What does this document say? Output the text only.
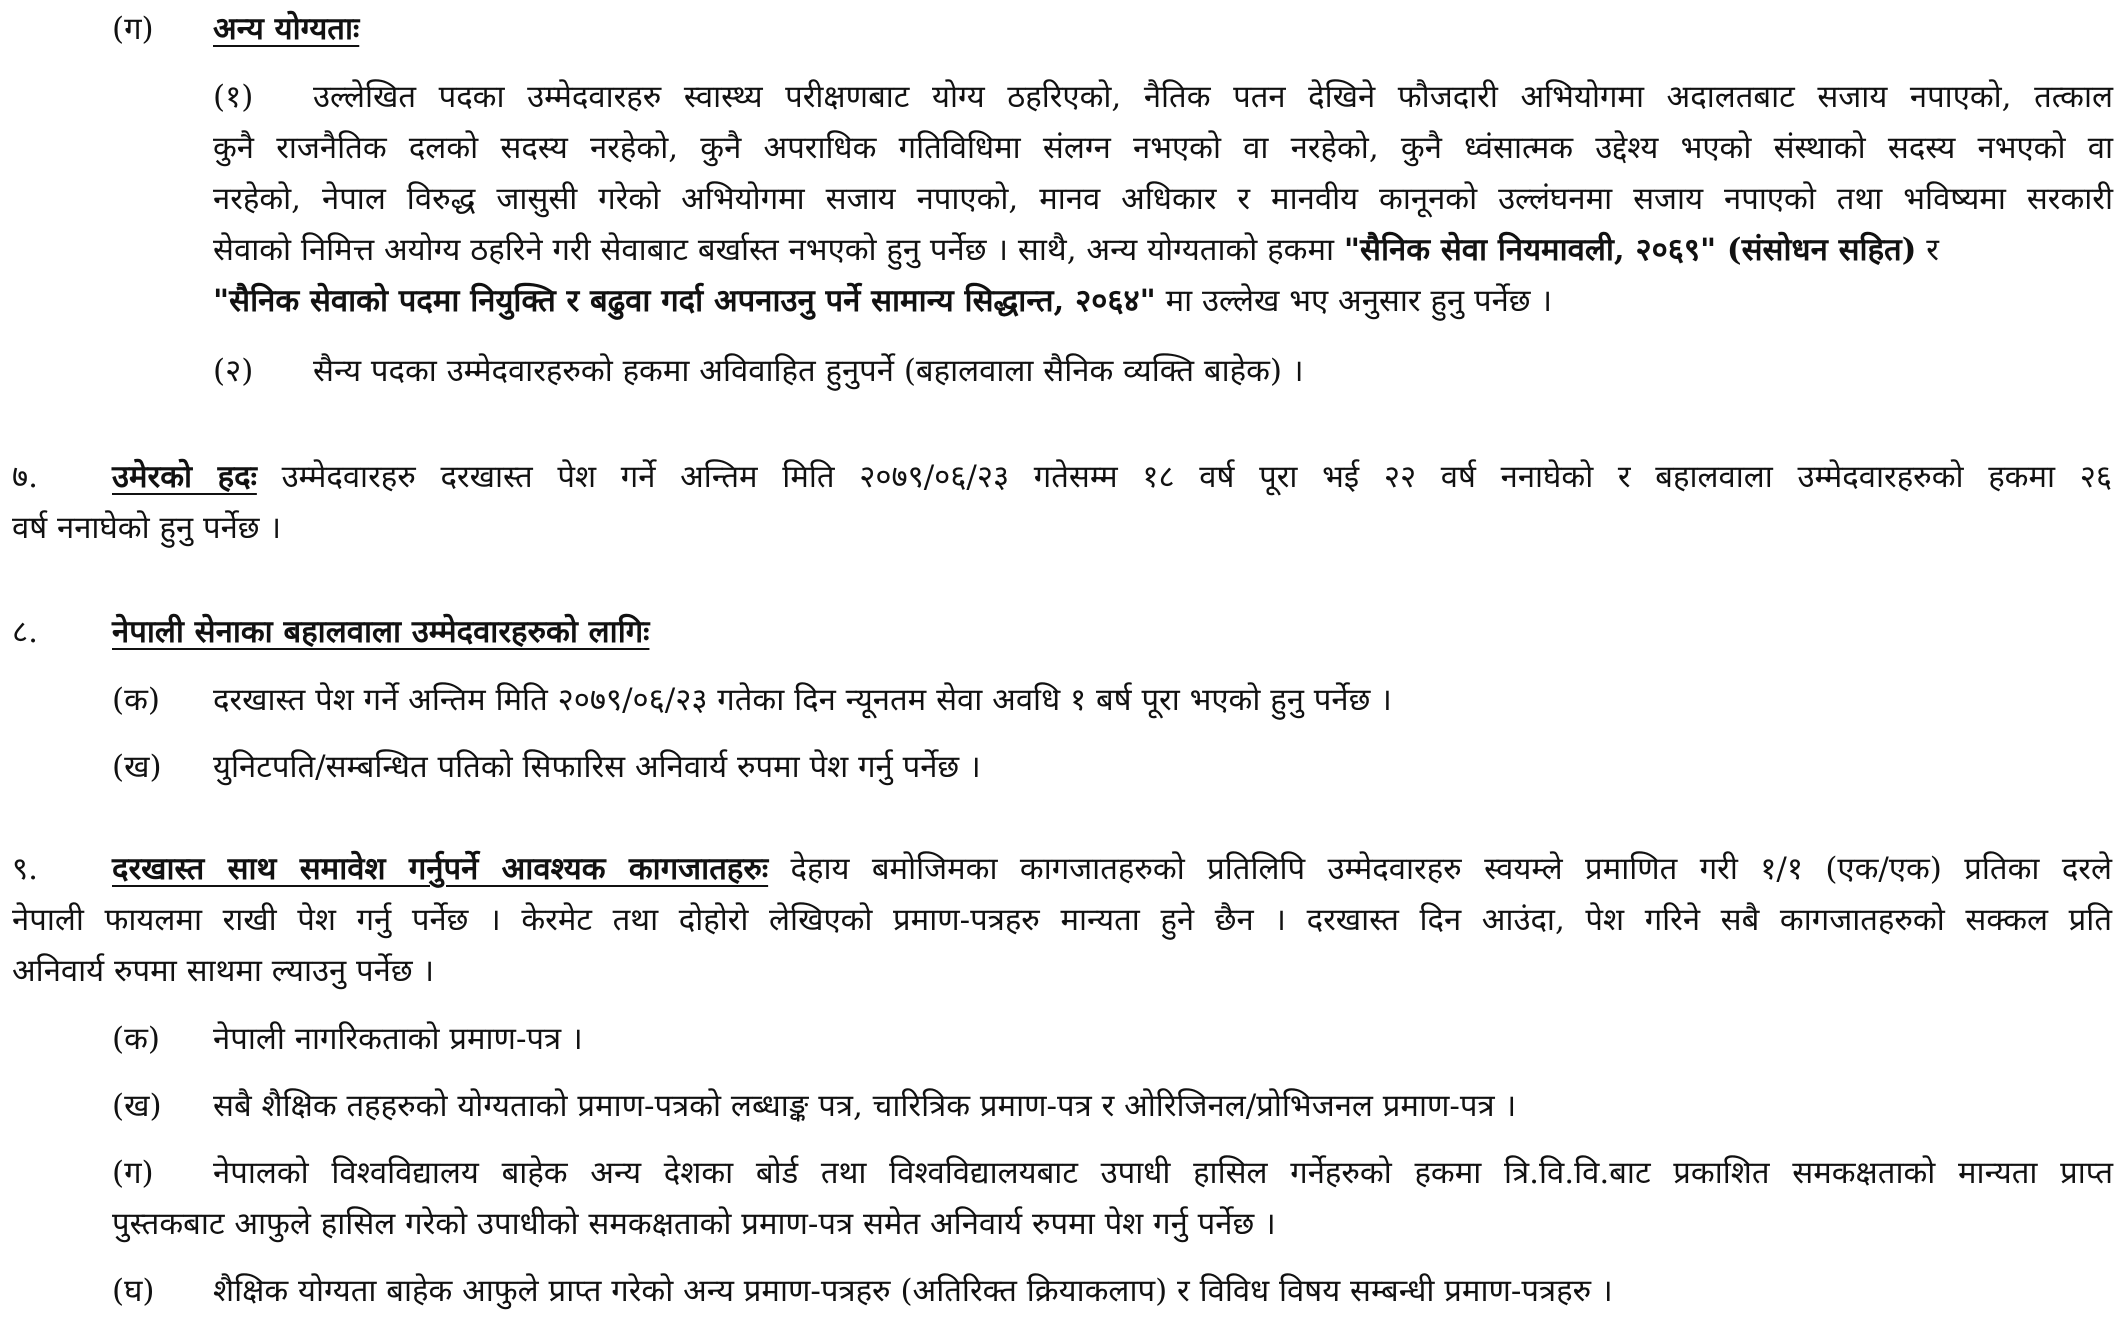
(ग) अन्य योग्यताः
(१) उल्लेखित पदका उम्मेदवारहरु स्वास्थ्य परीक्षणबाट योग्य ठहरिएको, नैतिक पतन देखिने फौजदारी अभियोगमा अदालतबाट सजाय नपाएको, तत्काल
कुनै राजनैतिक दलको सदस्य नरहेको, कुनै अपराधिक गतिविधिमा संलग्न नभएको वा नरहेको, कुनै ध्वंसात्मक उद्देश्य भएको संस्थाको सदस्य नभएको वा
नरहेको, नेपाल विरुद्ध जासुसी गरेको अभियोगमा सजाय नपाएको, मानव अधिकार र मानवीय कानूनको उल्लंघनमा सजाय नपाएको तथा भविष्यमा सरकारी
सेवाको निमित्त अयोग्य ठहरिने गरी सेवाबाट बर्खास्त नभएको हुनु पर्नेछ । साथै, अन्य योग्यताको हकमा "सैनिक सेवा नियमावली, २०६९" (संसोधन सहित) र
"सैनिक सेवाको पदमा नियुक्ति र बढुवा गर्दा अपनाउनु पर्ने सामान्य सिद्धान्त, २०६४" मा उल्लेख भए अनुसार हुनु पर्नेछ ।
(२) सैन्य पदका उम्मेदवारहरुको हकमा अविवाहित हुनुपर्ने (बहालवाला सैनिक व्यक्ति बाहेक) ।
७. उमेरको हदः उम्मेदवारहरु दरखास्त पेश गर्ने अन्तिम मिति २०७९/०६/२३ गतेसम्म १८ वर्ष पूरा भई २२ वर्ष ननाघेको र बहालवाला उम्मेदवारहरुको हकमा २६
वर्ष ननाघेको हुनु पर्नेछ ।
८. नेपाली सेनाका बहालवाला उम्मेदवारहरुको लागिः
(क) दरखास्त पेश गर्ने अन्तिम मिति २०७९/०६/२३ गतेका दिन न्यूनतम सेवा अवधि १ बर्ष पूरा भएको हुनु पर्नेछ ।
(ख) युनिटपति/सम्बन्धित पतिको सिफारिस अनिवार्य रुपमा पेश गर्नु पर्नेछ ।
९. दरखास्त साथ समावेश गर्नुपर्ने आवश्यक कागजातहरुः देहाय बमोजिमका कागजातहरुको प्रतिलिपि उम्मेदवारहरु स्वयम्ले प्रमाणित गरी १/१ (एक/एक) प्रतिका दरले
नेपाली फायलमा राखी पेश गर्नु पर्नेछ । केरमेट तथा दोहोरो लेखिएको प्रमाण-पत्रहरु मान्यता हुने छैन । दरखास्त दिन आउंदा, पेश गरिने सबै कागजातहरुको सक्कल प्रति
अनिवार्य रुपमा साथमा ल्याउनु पर्नेछ ।
(क) नेपाली नागरिकताको प्रमाण-पत्र ।
(ख) सबै शैक्षिक तहहरुको योग्यताको प्रमाण-पत्रको लब्धाङ्क पत्र, चारित्रिक प्रमाण-पत्र र ओरिजिनल/प्रोभिजनल प्रमाण-पत्र ।
(ग) नेपालको विश्वविद्यालय बाहेक अन्य देशका बोर्ड तथा विश्वविद्यालयबाट उपाधी हासिल गर्नेहरुको हकमा त्रि.वि.वि.बाट प्रकाशित समकक्षताको मान्यता प्राप्त
पुस्तकबाट आफुले हासिल गरेको उपाधीको समकक्षताको प्रमाण-पत्र समेत अनिवार्य रुपमा पेश गर्नु पर्नेछ ।
(घ) शैक्षिक योग्यता बाहेक आफुले प्राप्त गरेको अन्य प्रमाण-पत्रहरु (अतिरिक्त क्रियाकलाप) र विविध विषय सम्बन्धी प्रमाण-पत्रहरु ।
